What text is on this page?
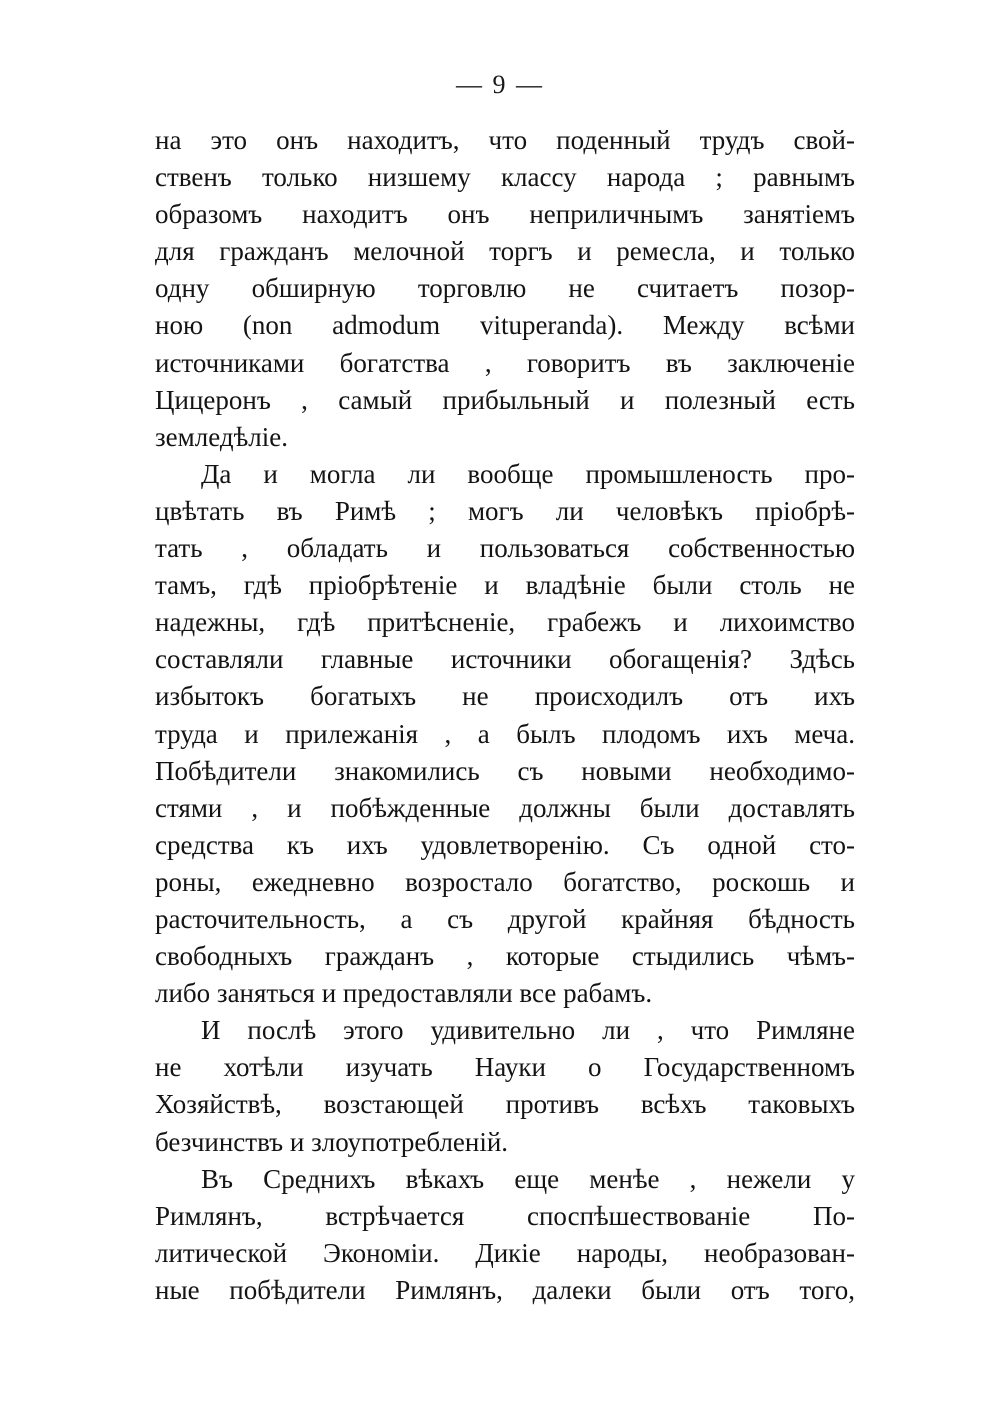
— 9 —
на это онъ находитъ, что поденный трудъ свой-
ственъ только низшему классу народа ; равнымъ
образомъ находитъ онъ неприличнымъ занятіемъ
для гражданъ мелочной торгъ и ремесла, и только
одну обширную торговлю не считаетъ позор-
ною (non admodum vituperanda). Между всѣми
источниками богатства , говоритъ въ заключеніе
Цицеронъ , самый прибыльный и полезный есть
земледѣліе.
Да и могла ли вообще промышленость про-
цвѣтать въ Римѣ ; могъ ли человѣкъ пріобрѣ-
тать , обладать и пользоваться собственностью
тамъ, гдѣ пріобрѣтеніе и владѣніе были столь не
надежны, гдѣ притѣсненіе, грабежъ и лихоимство
составляли главные источники обогащенія? Здѣсь
избытокъ богатыхъ не происходилъ отъ ихъ
труда и прилежанія , а былъ плодомъ ихъ меча.
Побѣдители знакомились съ новыми необходимо-
стями , и побѣжденные должны были доставлять
средства къ ихъ удовлетворенію. Съ одной сто-
роны, ежедневно возростало богатство, роскошь и
расточительность, а съ другой крайняя бѣдность
свободныхъ гражданъ , которые стыдились чѣмъ-
либо заняться и предоставляли все рабамъ.
И послѣ этого удивительно ли , что Римляне
не хотѣли изучать Науки о Государственномъ
Хозяйствѣ, возстающей противъ всѣхъ таковыхъ
безчинствъ и злоупотребленій.
Въ Среднихъ вѣкахъ еще менѣе , нежели у
Римлянъ, встрѣчается споспѣшествованіе По-
литической Экономіи. Дикіе народы, необразован-
ные побѣдители Римлянъ, далеки были отъ того,
